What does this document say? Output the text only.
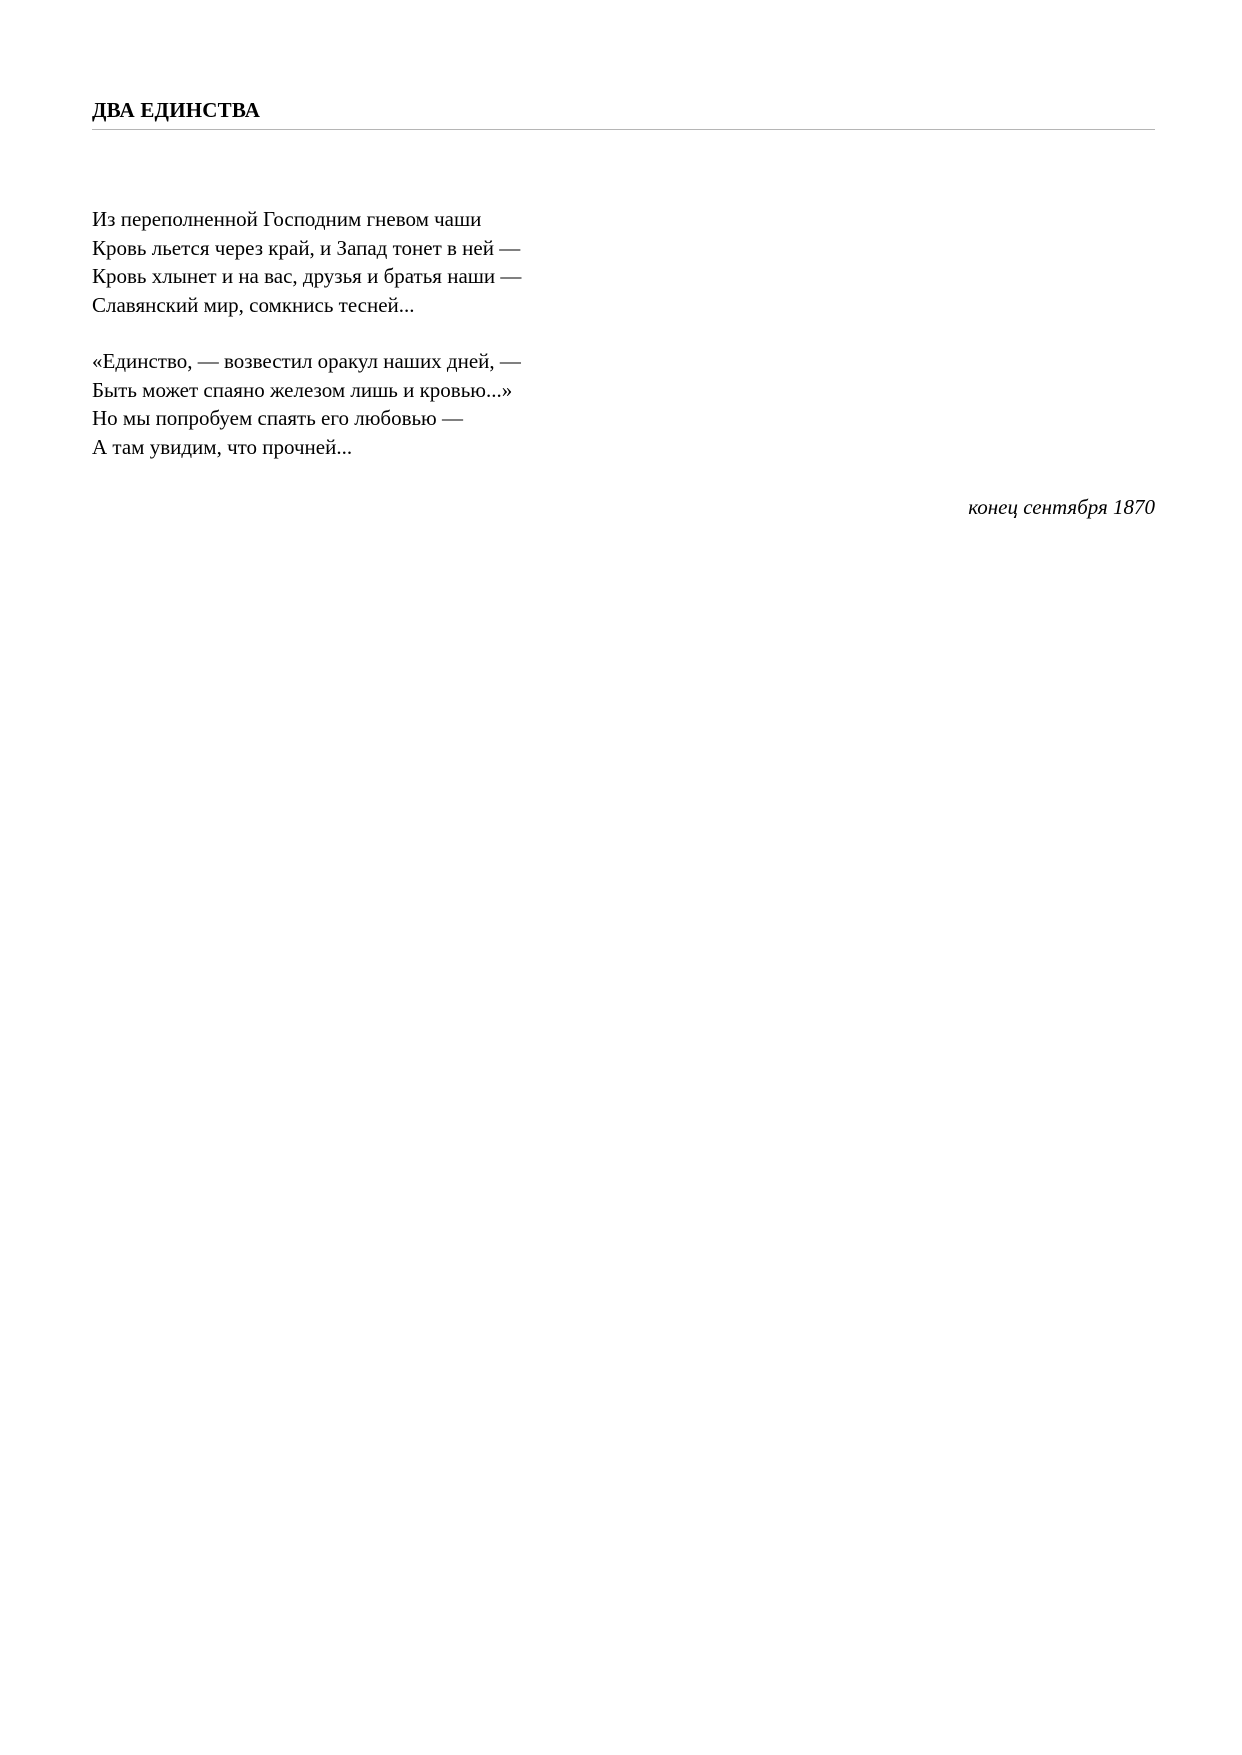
ДВА ЕДИНСТВА

Из переполненной Господним гневом чаши
Кровь льется через край, и Запад тонет в ней —
Кровь хлынет и на вас, друзья и братья наши —
Славянский мир, сомкнись тесней...

«Единство, — возвестил оракул наших дней, —
Быть может спаяно железом лишь и кровью...»
Но мы попробуем спаять его любовью —
А там увидим, что прочней...

конец сентября 1870
